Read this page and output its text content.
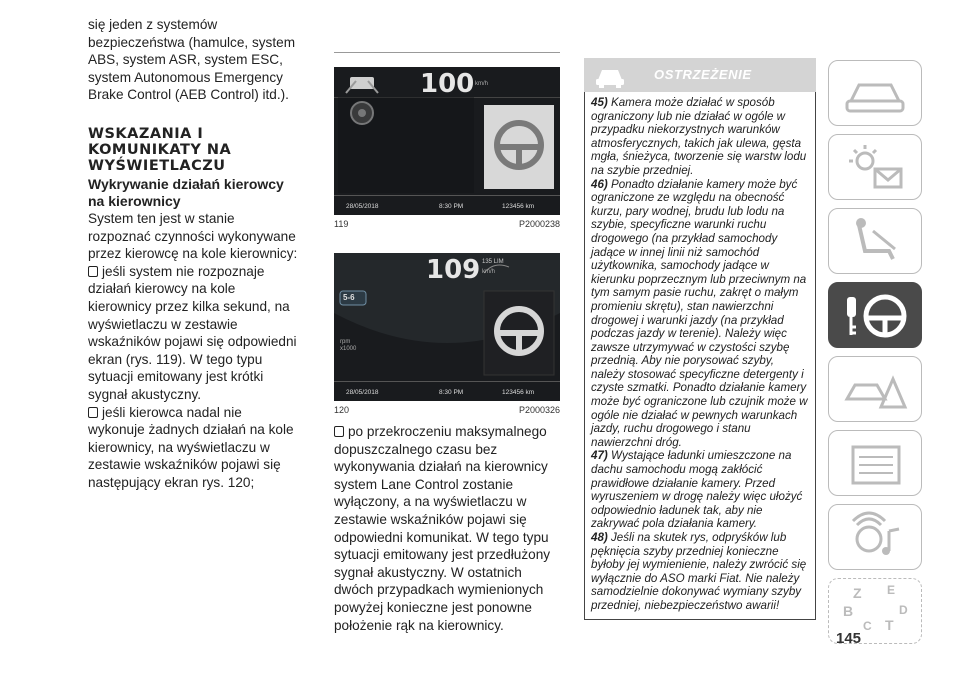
się jeden z systemów bezpieczeństwa (hamulce, system ABS, system ASR, system ESC, system Autonomous Emergency Brake Control (AEB Control) itd.).

WSKAZANIA I KOMUNIKATY NA WYŚWIETLACZU

Wykrywanie działań kierowcy na kierownicy

System ten jest w stanie rozpoznać czynności wykonywane przez kierowcę na kole kierownicy:

jeśli system nie rozpoznaje działań kierowcy na kole kierownicy przez kilka sekund, na wyświetlaczu w zestawie wskaźników pojawi się odpowiedni ekran (rys. 119). W tego typu sytuacji emitowany jest krótki sygnał akustyczny.

jeśli kierowca nadal nie wykonuje żadnych działań na kole kierownicy, na wyświetlaczu w zestawie wskaźników pojawi się następujący ekran rys. 120;

100 km/h
28/05/2018	8:30 PM	123456 km
119	P2000238
5-6
109 135 LIM
km/h
rpm x1000
28/05/2018	8:30 PM	123456 km
120	P2000326

po przekroczeniu maksymalnego dopuszczalnego czasu bez wykonywania działań na kierownicy system Lane Control zostanie wyłączony, a na wyświetlaczu w zestawie wskaźników pojawi się odpowiedni komunikat. W tego typu sytuacji emitowany jest przedłużony sygnał akustyczny. W ostatnich dwóch przypadkach wymienionych powyżej konieczne jest ponowne położenie rąk na kierownicy.

OSTRZEŻENIE

45) Kamera może działać w sposób ograniczony lub nie działać w ogóle w przypadku niekorzystnych warunków atmosferycznych, takich jak ulewa, gęsta mgła, śnieżyca, tworzenie się warstw lodu na szybie przedniej.

46) Ponadto działanie kamery może być ograniczone ze względu na obecność kurzu, pary wodnej, brudu lub lodu na szybie, specyficzne warunki ruchu drogowego (na przykład samochody jadące w innej linii niż samochód użytkownika, samochody jadące w kierunku poprzecznym lub przeciwnym na tym samym pasie ruchu, zakręt o małym promieniu skrętu), stan nawierzchni drogowej i warunki jazdy (na przykład podczas jazdy w terenie). Należy więc zawsze utrzymywać w czystości szybę przednią. Aby nie porysować szyby, należy stosować specyficzne detergenty i czyste szmatki. Ponadto działanie kamery może być ograniczone lub czujnik może w ogóle nie działać w pewnych warunkach jazdy, ruchu drogowego i stanu nawierzchni dróg.

47) Wystające ładunki umieszczone na dachu samochodu mogą zakłócić prawidłowe działanie kamery. Przed wyruszeniem w drogę należy więc ułożyć odpowiednio ładunek tak, aby nie zakrywać pola działania kamery.

48) Jeśli na skutek rys, odpryśków lub pęknięcia szyby przedniej konieczne byłoby jej wymienienie, należy zwrócić się wyłącznie do ASO marki Fiat. Nie należy samodzielnie dokonywać wymiany szyby przedniej, niebezpieczeństwo awarii!

Z E
B
C T
D
145
